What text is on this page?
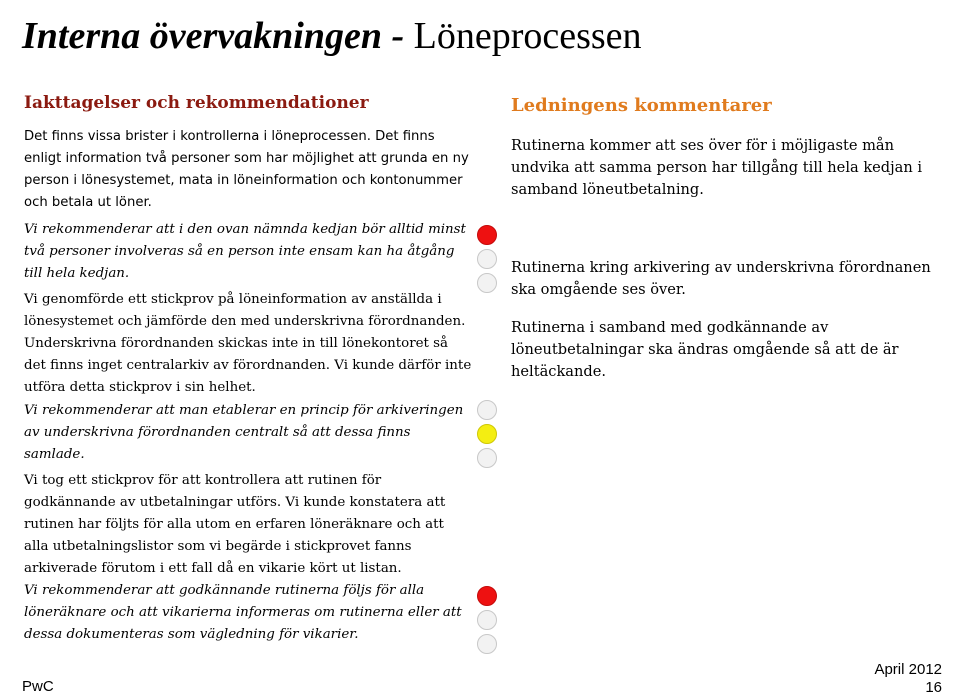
Interna övervakningen - Löneprocessen
Iakttagelser och rekommendationer	Ledningens kommentarer

Det finns vissa brister i kontrollerna i löneprocessen. Det finns enligt information två personer som har möjlighet att grunda en ny person i lönesystemet, mata in löneinformation och kontonummer och betala ut löner.

Vi rekommenderar att i den ovan nämnda kedjan bör alltid minst två personer involveras så en person inte ensam kan ha åtgång till hela kedjan.

Vi genomförde ett stickprov på löneinformation av anställda i lönesystemet och jämförde den med underskrivna förordnanden. Underskrivna förordnanden skickas inte in till lönekontoret så det finns inget centralarkiv av förordnanden. Vi kunde därför inte utföra detta stickprov i sin helhet.

Vi rekommenderar att man etablerar en princip för arkiveringen av underskrivna förordnanden centralt så att dessa finns samlade.

Vi tog ett stickprov för att kontrollera att rutinen för godkännande av utbetalningar utförs. Vi kunde konstatera att rutinen har följts för alla utom en erfaren löneräknare och att alla utbetalningslistor som vi begärde i stickprovet fanns arkiverade förutom i ett fall då en vikarie kört ut listan.

Vi rekommenderar att godkännande rutinerna följs för alla löneräknare och att vikarierna informeras om rutinerna eller att dessa dokumenteras som vägledning för vikarier.

Rutinerna kommer att ses över för i möjligaste mån undvika att samma person har tillgång till hela kedjan i samband löneutbetalning.

Rutinerna kring arkivering av underskrivna förordnanen ska omgående ses över.

Rutinerna i samband med godkännande av löneutbetalningar ska ändras omgående så att de är heltäckande.

PwC
April 2012
16
